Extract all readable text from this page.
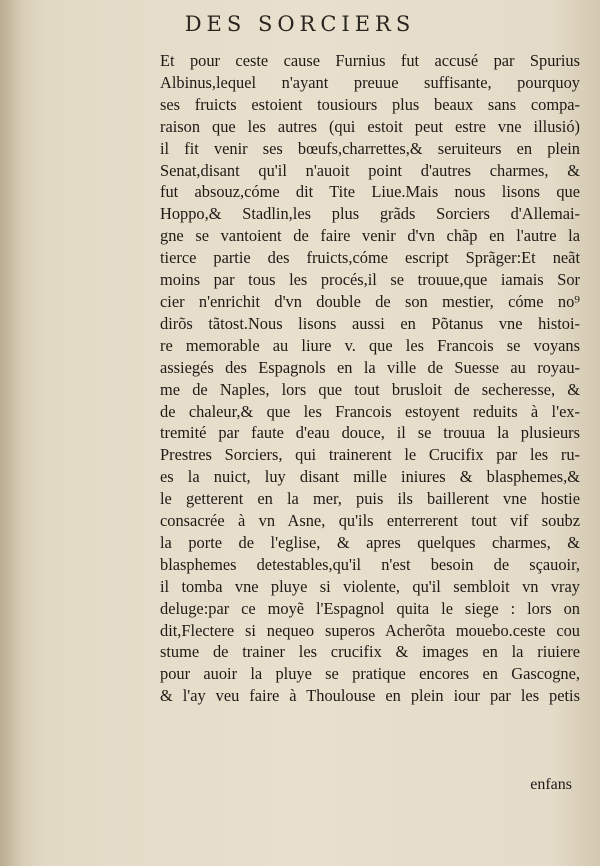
DES SORCIERS
Et pour ceste cause Furnius fut accusé par Spurius
Albinus,lequel n'ayant preuue suffisante, pourquoy
ses fruicts estoient tousiours plus beaux sans compa-
raison que les autres (qui estoit peut estre vne illusió)
il fit venir ses bœufs,charrettes,& seruiteurs en plein
Senat,disant qu'il n'auoit point d'autres charmes, &
fut absouz,cóme dit Tite Liue.Mais nous lisons que
Hoppo,& Stadlin,les plus grãds Sorciers d'Allemai-
gne se vantoient de faire venir d'vn chãp en l'autre la
tierce partie des fruicts,cóme escript Sprãger:Et neãt
moins par tous les procés,il se trouue,que iamais Sor
cier n'enrichit d'vn double de son mestier, cóme no⁹
dirõs tãtost.Nous lisons aussi en Põtanus vne histoi-
re memorable au liure v. que les Francois se voyans
assiegés des Espagnols en la ville de Suesse au royau-
me de Naples, lors que tout brusloit de secheresse, &
de chaleur,& que les Francois estoyent reduits à l'ex-
tremité par faute d'eau douce, il se trouua la plusieurs
Prestres Sorciers, qui trainerent le Crucifix par les ru-
es la nuict, luy disant mille iniures & blasphemes,&
le getterent en la mer, puis ils baillerent vne hostie
consacrée à vn Asne, qu'ils enterrerent tout vif soubz
la porte de l'eglise, & apres quelques charmes, &
blasphemes detestables,qu'il n'est besoin de sçauoir,
il tomba vne pluye si violente, qu'il sembloit vn vray
deluge:par ce moyẽ l'Espagnol quita le siege : lors on
dit,Flectere si nequeo superos Acherõta mouebo.ceste cou
stume de trainer les crucifix & images en la riuiere
pour auoir la pluye se pratique encores en Gascogne,
& l'ay veu faire à Thoulouse en plein iour par les petis
enfans
